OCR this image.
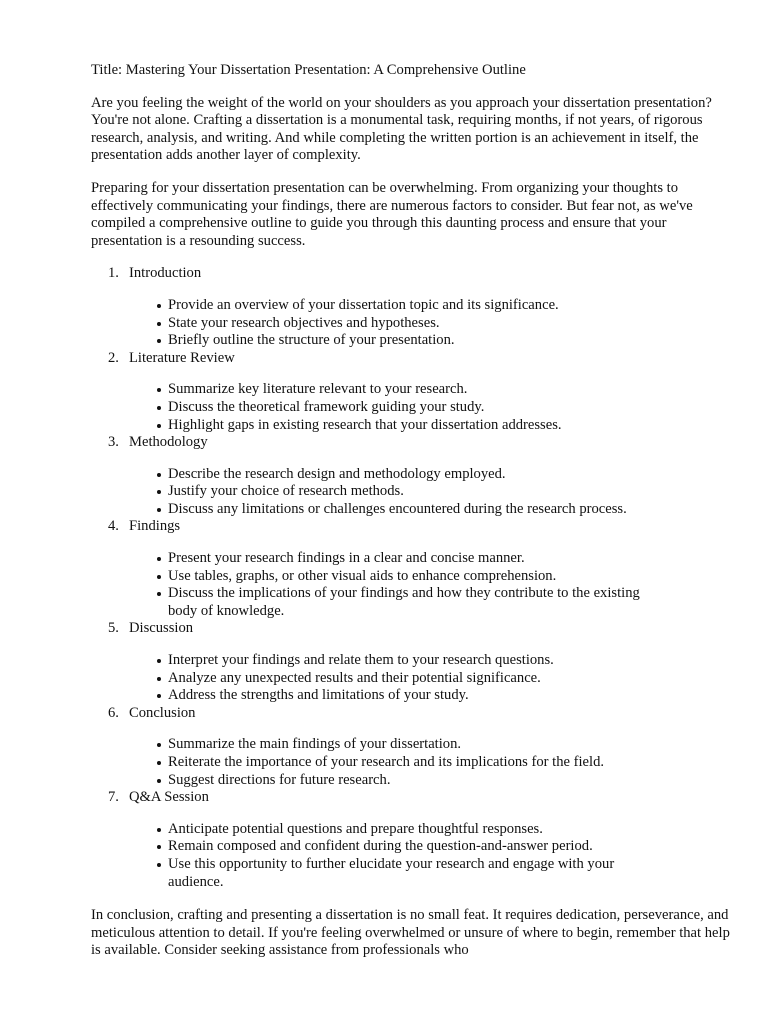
Title: Mastering Your Dissertation Presentation: A Comprehensive Outline

Are you feeling the weight of the world on your shoulders as you approach your dissertation presentation? You're not alone. Crafting a dissertation is a monumental task, requiring months, if not years, of rigorous research, analysis, and writing. And while completing the written portion is an achievement in itself, the presentation adds another layer of complexity.

Preparing for your dissertation presentation can be overwhelming. From organizing your thoughts to effectively communicating your findings, there are numerous factors to consider. But fear not, as we've compiled a comprehensive outline to guide you through this daunting process and ensure that your presentation is a resounding success.

1. Introduction
Provide an overview of your dissertation topic and its significance.
State your research objectives and hypotheses.
Briefly outline the structure of your presentation.
2. Literature Review
Summarize key literature relevant to your research.
Discuss the theoretical framework guiding your study.
Highlight gaps in existing research that your dissertation addresses.
3. Methodology
Describe the research design and methodology employed.
Justify your choice of research methods.
Discuss any limitations or challenges encountered during the research process.
4. Findings
Present your research findings in a clear and concise manner.
Use tables, graphs, or other visual aids to enhance comprehension.
Discuss the implications of your findings and how they contribute to the existing body of knowledge.
5. Discussion
Interpret your findings and relate them to your research questions.
Analyze any unexpected results and their potential significance.
Address the strengths and limitations of your study.
6. Conclusion
Summarize the main findings of your dissertation.
Reiterate the importance of your research and its implications for the field.
Suggest directions for future research.
7. Q&A Session
Anticipate potential questions and prepare thoughtful responses.
Remain composed and confident during the question-and-answer period.
Use this opportunity to further elucidate your research and engage with your audience.

In conclusion, crafting and presenting a dissertation is no small feat. It requires dedication, perseverance, and meticulous attention to detail. If you're feeling overwhelmed or unsure of where to begin, remember that help is available. Consider seeking assistance from professionals who
